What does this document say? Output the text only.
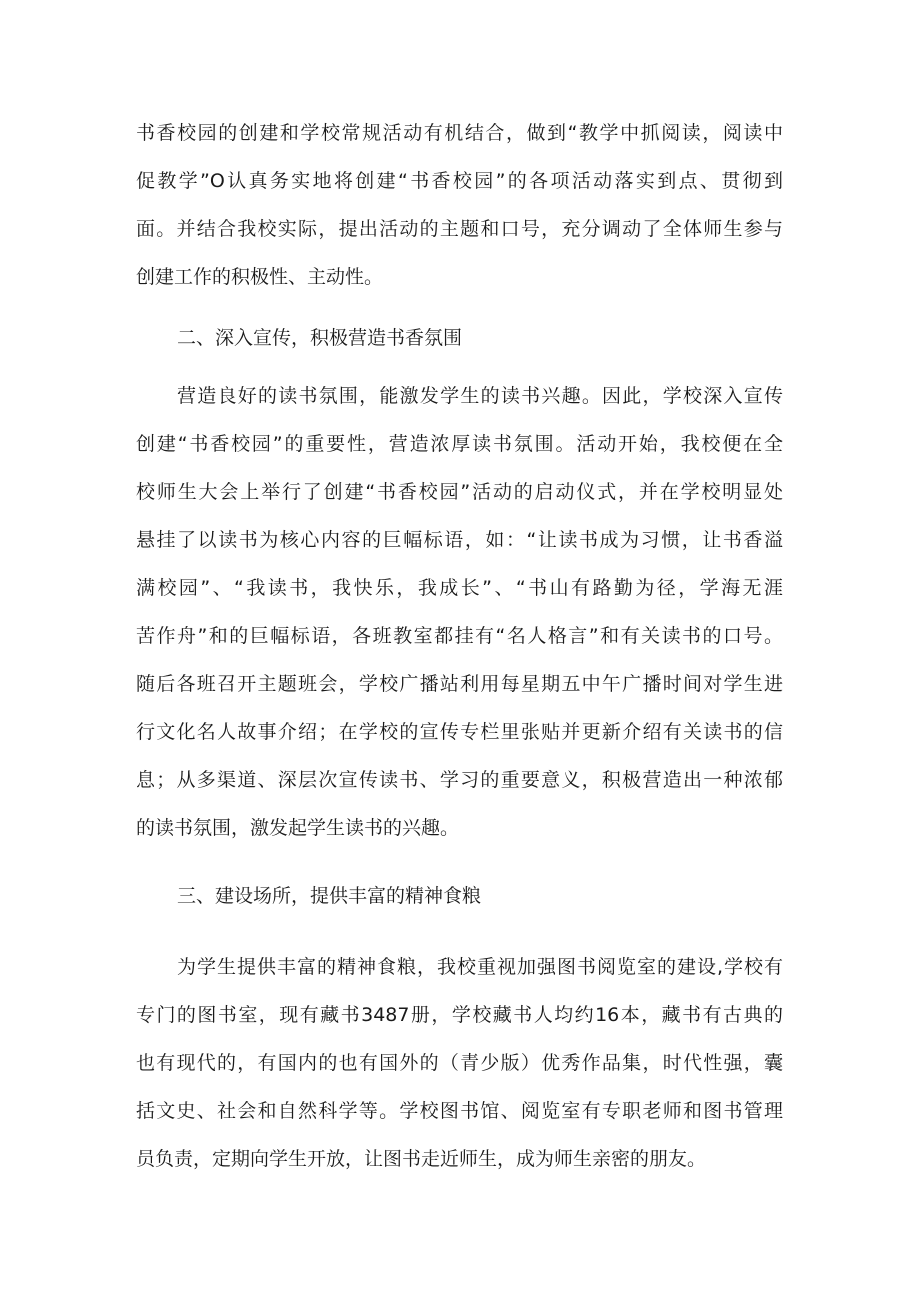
书香校园的创建和学校常规活动有机结合，做到“教学中抓阅读，阅读中

促教学”O认真务实地将创建“书香校园”的各项活动落实到点、贯彻到

面。并结合我校实际，提出活动的主题和口号，充分调动了全体师生参与

创建工作的积极性、主动性。

二、深入宣传，积极营造书香氛围

营造良好的读书氛围，能激发学生的读书兴趣。因此，学校深入宣传

创建“书香校园”的重要性，营造浓厚读书氛围。活动开始，我校便在全

校师生大会上举行了创建“书香校园”活动的启动仪式，并在学校明显处

悬挂了以读书为核心内容的巨幅标语，如：“让读书成为习惯，让书香溢

满校园”、“我读书，我快乐，我成长”、“书山有路勤为径，学海无涯

苦作舟”和的巨幅标语，各班教室都挂有“名人格言”和有关读书的口号。

随后各班召开主题班会，学校广播站利用每星期五中午广播时间对学生进

行文化名人故事介绍；在学校的宣传专栏里张贴并更新介绍有关读书的信

息；从多渠道、深层次宣传读书、学习的重要意义，积极营造出一种浓郁

的读书氛围，激发起学生读书的兴趣。

三、建设场所，提供丰富的精神食粮

为学生提供丰富的精神食粮，我校重视加强图书阅览室的建设,学校有

专门的图书室，现有藏书3487册，学校藏书人均约16本，藏书有古典的

也有现代的，有国内的也有国外的（青少版）优秀作品集，时代性强，囊

括文史、社会和自然科学等。学校图书馆、阅览室有专职老师和图书管理

员负责，定期向学生开放，让图书走近师生，成为师生亲密的朋友。
